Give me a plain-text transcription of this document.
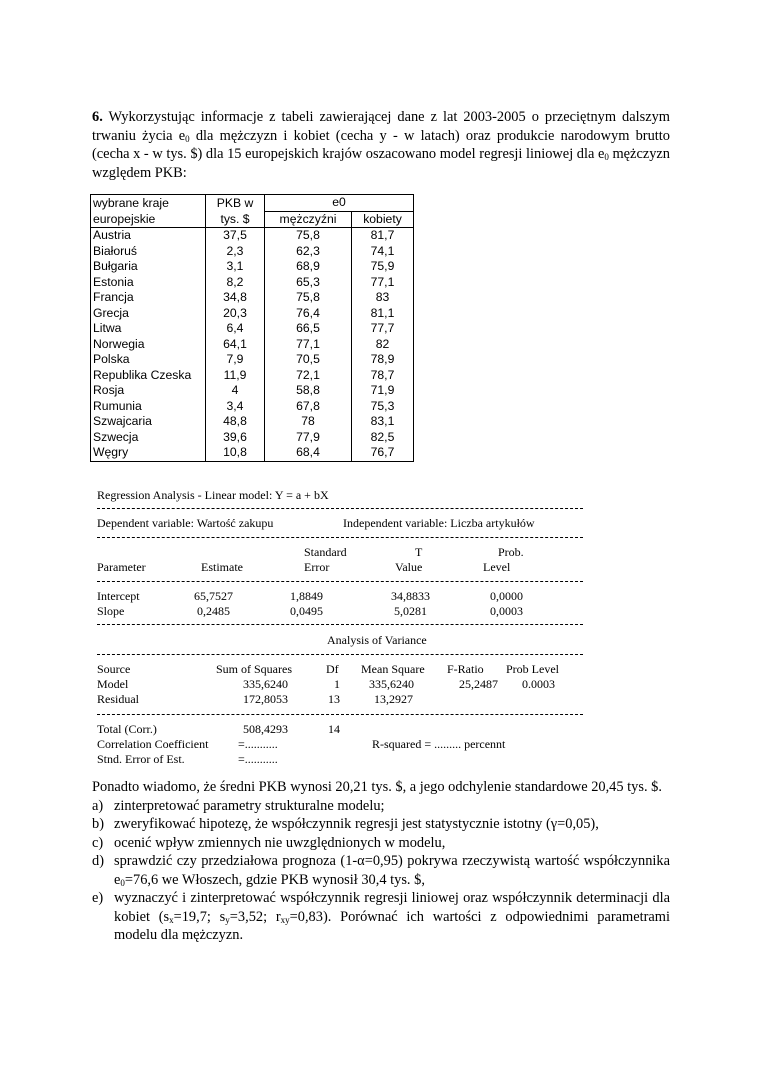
6. Wykorzystując informacje z tabeli zawierającej dane z lat 2003-2005 o przeciętnym dalszym trwaniu życia $e_0$ dla mężczyzn i kobiet (cecha y - w latach) oraz produkcie narodowym brutto (cecha x - w tys. $) dla 15 europejskich krajów oszacowano model regresji liniowej dla $e_0$ mężczyzn względem PKB:
wybrane kraje	PKB w	e0	
europejskie	tys. $	mężczyźni	kobiety
Austria	37,5	75,8	81,7
Białoruś	2,3	62,3	74,1
Bułgaria	3,1	68,9	75,9
Estonia	8,2	65,3	77,1
Francja	34,8	75,8	83
Grecja	20,3	76,4	81,1
Litwa	6,4	66,5	77,7
Norwegia	64,1	77,1	82
Polska	7,9	70,5	78,9
Republika Czeska	11,9	72,1	78,7
Rosja	4	58,8	71,9
Rumunia	3,4	67,8	75,3
Szwajcaria	48,8	78	83,1
Szwecja	39,6	77,9	82,5
Węgry	10,8	68,4	76,7
Regression Analysis - Linear model: Y = a + bX
Dependent variable: Wartość zakupu	Independent variable: Liczba artykułów
Standard	T	Prob.
Parameter	Estimate	Error	Value	Level
Intercept	65,7527	1,8849	34,8833	0,0000
Slope	0,2485	0,0495	5,0281	0,0003
Analysis of Variance
Source	Sum of Squares	Df Mean Square F-Ratio Prob Level
Model	335,6240	1 335,6240	25,2487 0.0003
Residual	172,8053	13	13,2927
Total (Corr.)	508,4293	14
Correlation Coefficient =...........	R-squared = ......... percennt
Stnd. Error of Est.	=...........
Ponadto wiadomo, że średni PKB wynosi 20,21 tys. $, a jego odchylenie standardowe 20,45 tys. $.
a) zinterpretować parametry strukturalne modelu;
b) zweryfikować hipotezę, że współczynnik regresji jest statystycznie istotny (γ=0,05),
c) ocenić wpływ zmiennych nie uwzględnionych w modelu,
d) sprawdzić czy przedziałowa prognoza (1-α=0,95) pokrywa rzeczywistą wartość współczynnika $e_0=76,6$ we Włoszech, gdzie PKB wynosił 30,4 tys. $,
e) wyznaczyć i zinterpretować współczynnik regresji liniowej oraz współczynnik determinacji dla kobiet ($s_x=19,7$; $s_y=3,52$; $r_{xy}=0,83$). Porównać ich wartości z odpowiednimi parametrami modelu dla mężczyzn.
